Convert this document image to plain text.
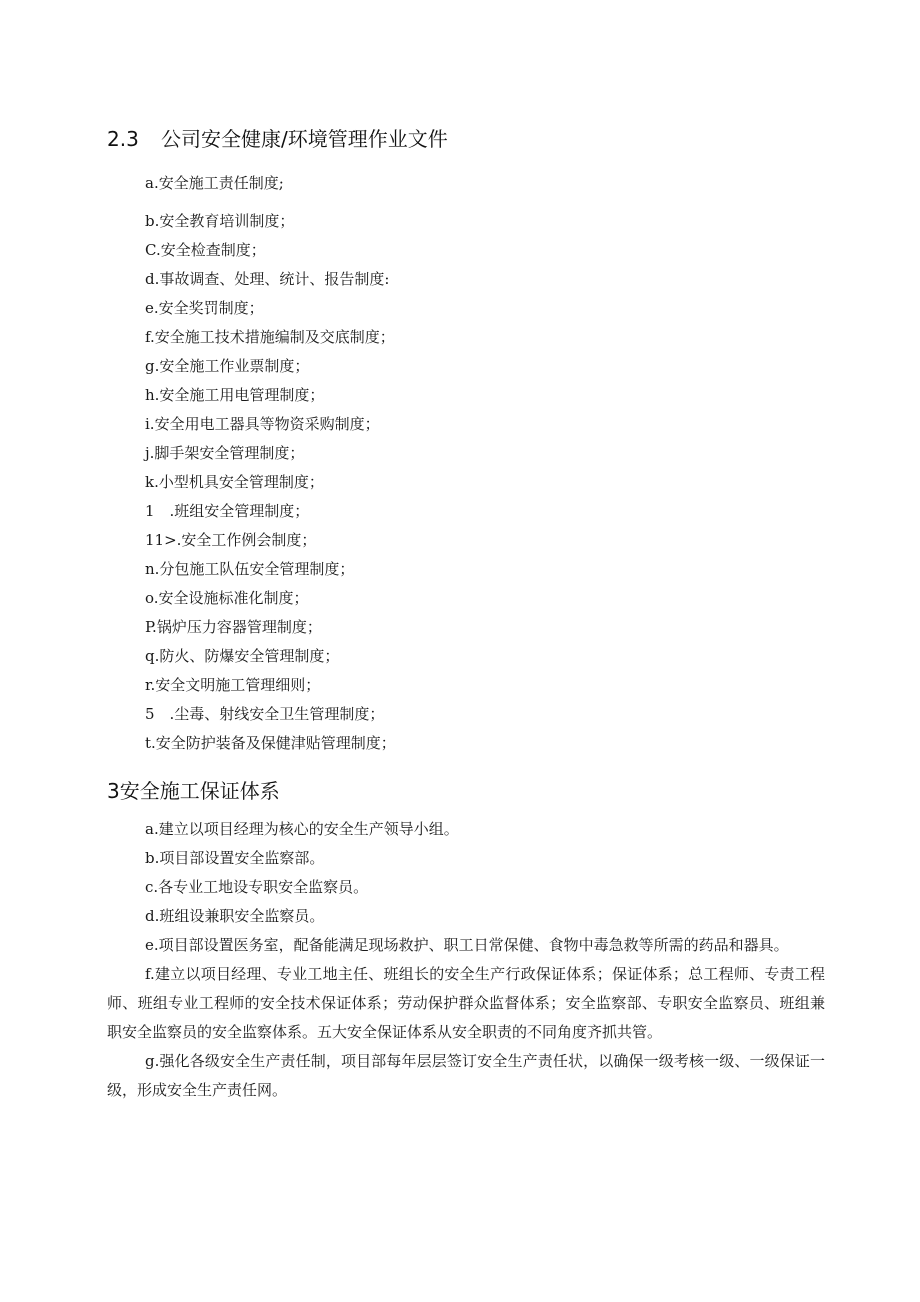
2.3 公司安全健康/环境管理作业文件
a.安全施工责任制度;
b.安全教育培训制度；
C.安全检查制度；
d.事故调查、处理、统计、报告制度:
e.安全奖罚制度；
f.安全施工技术措施编制及交底制度；
g.安全施工作业票制度；
h.安全施工用电管理制度；
i.安全用电工器具等物资采购制度；
j.脚手架安全管理制度；
k.小型机具安全管理制度；
1　.班组安全管理制度；
11>.安全工作例会制度；
n.分包施工队伍安全管理制度；
o.安全设施标准化制度；
P.锅炉压力容器管理制度；
q.防火、防爆安全管理制度；
r.安全文明施工管理细则；
5　.尘毒、射线安全卫生管理制度；
t.安全防护装备及保健津贴管理制度；
3安全施工保证体系

a.建立以项目经理为核心的安全生产领导小组。

b.项目部设置安全监察部。

c.各专业工地设专职安全监察员。

d.班组设兼职安全监察员。

e.项目部设置医务室，配备能满足现场救护、职工日常保健、食物中毒急救等所需的药品和器具。

f.建立以项目经理、专业工地主任、班组长的安全生产行政保证体系；保证体系；总工程师、专责工程师、班组专业工程师的安全技术保证体系；劳动保护群众监督体系；安全监察部、专职安全监察员、班组兼职安全监察员的安全监察体系。五大安全保证体系从安全职责的不同角度齐抓共管。

g.强化各级安全生产责任制，项目部每年层层签订安全生产责任状，以确保一级考核一级、一级保证一级，形成安全生产责任网。
